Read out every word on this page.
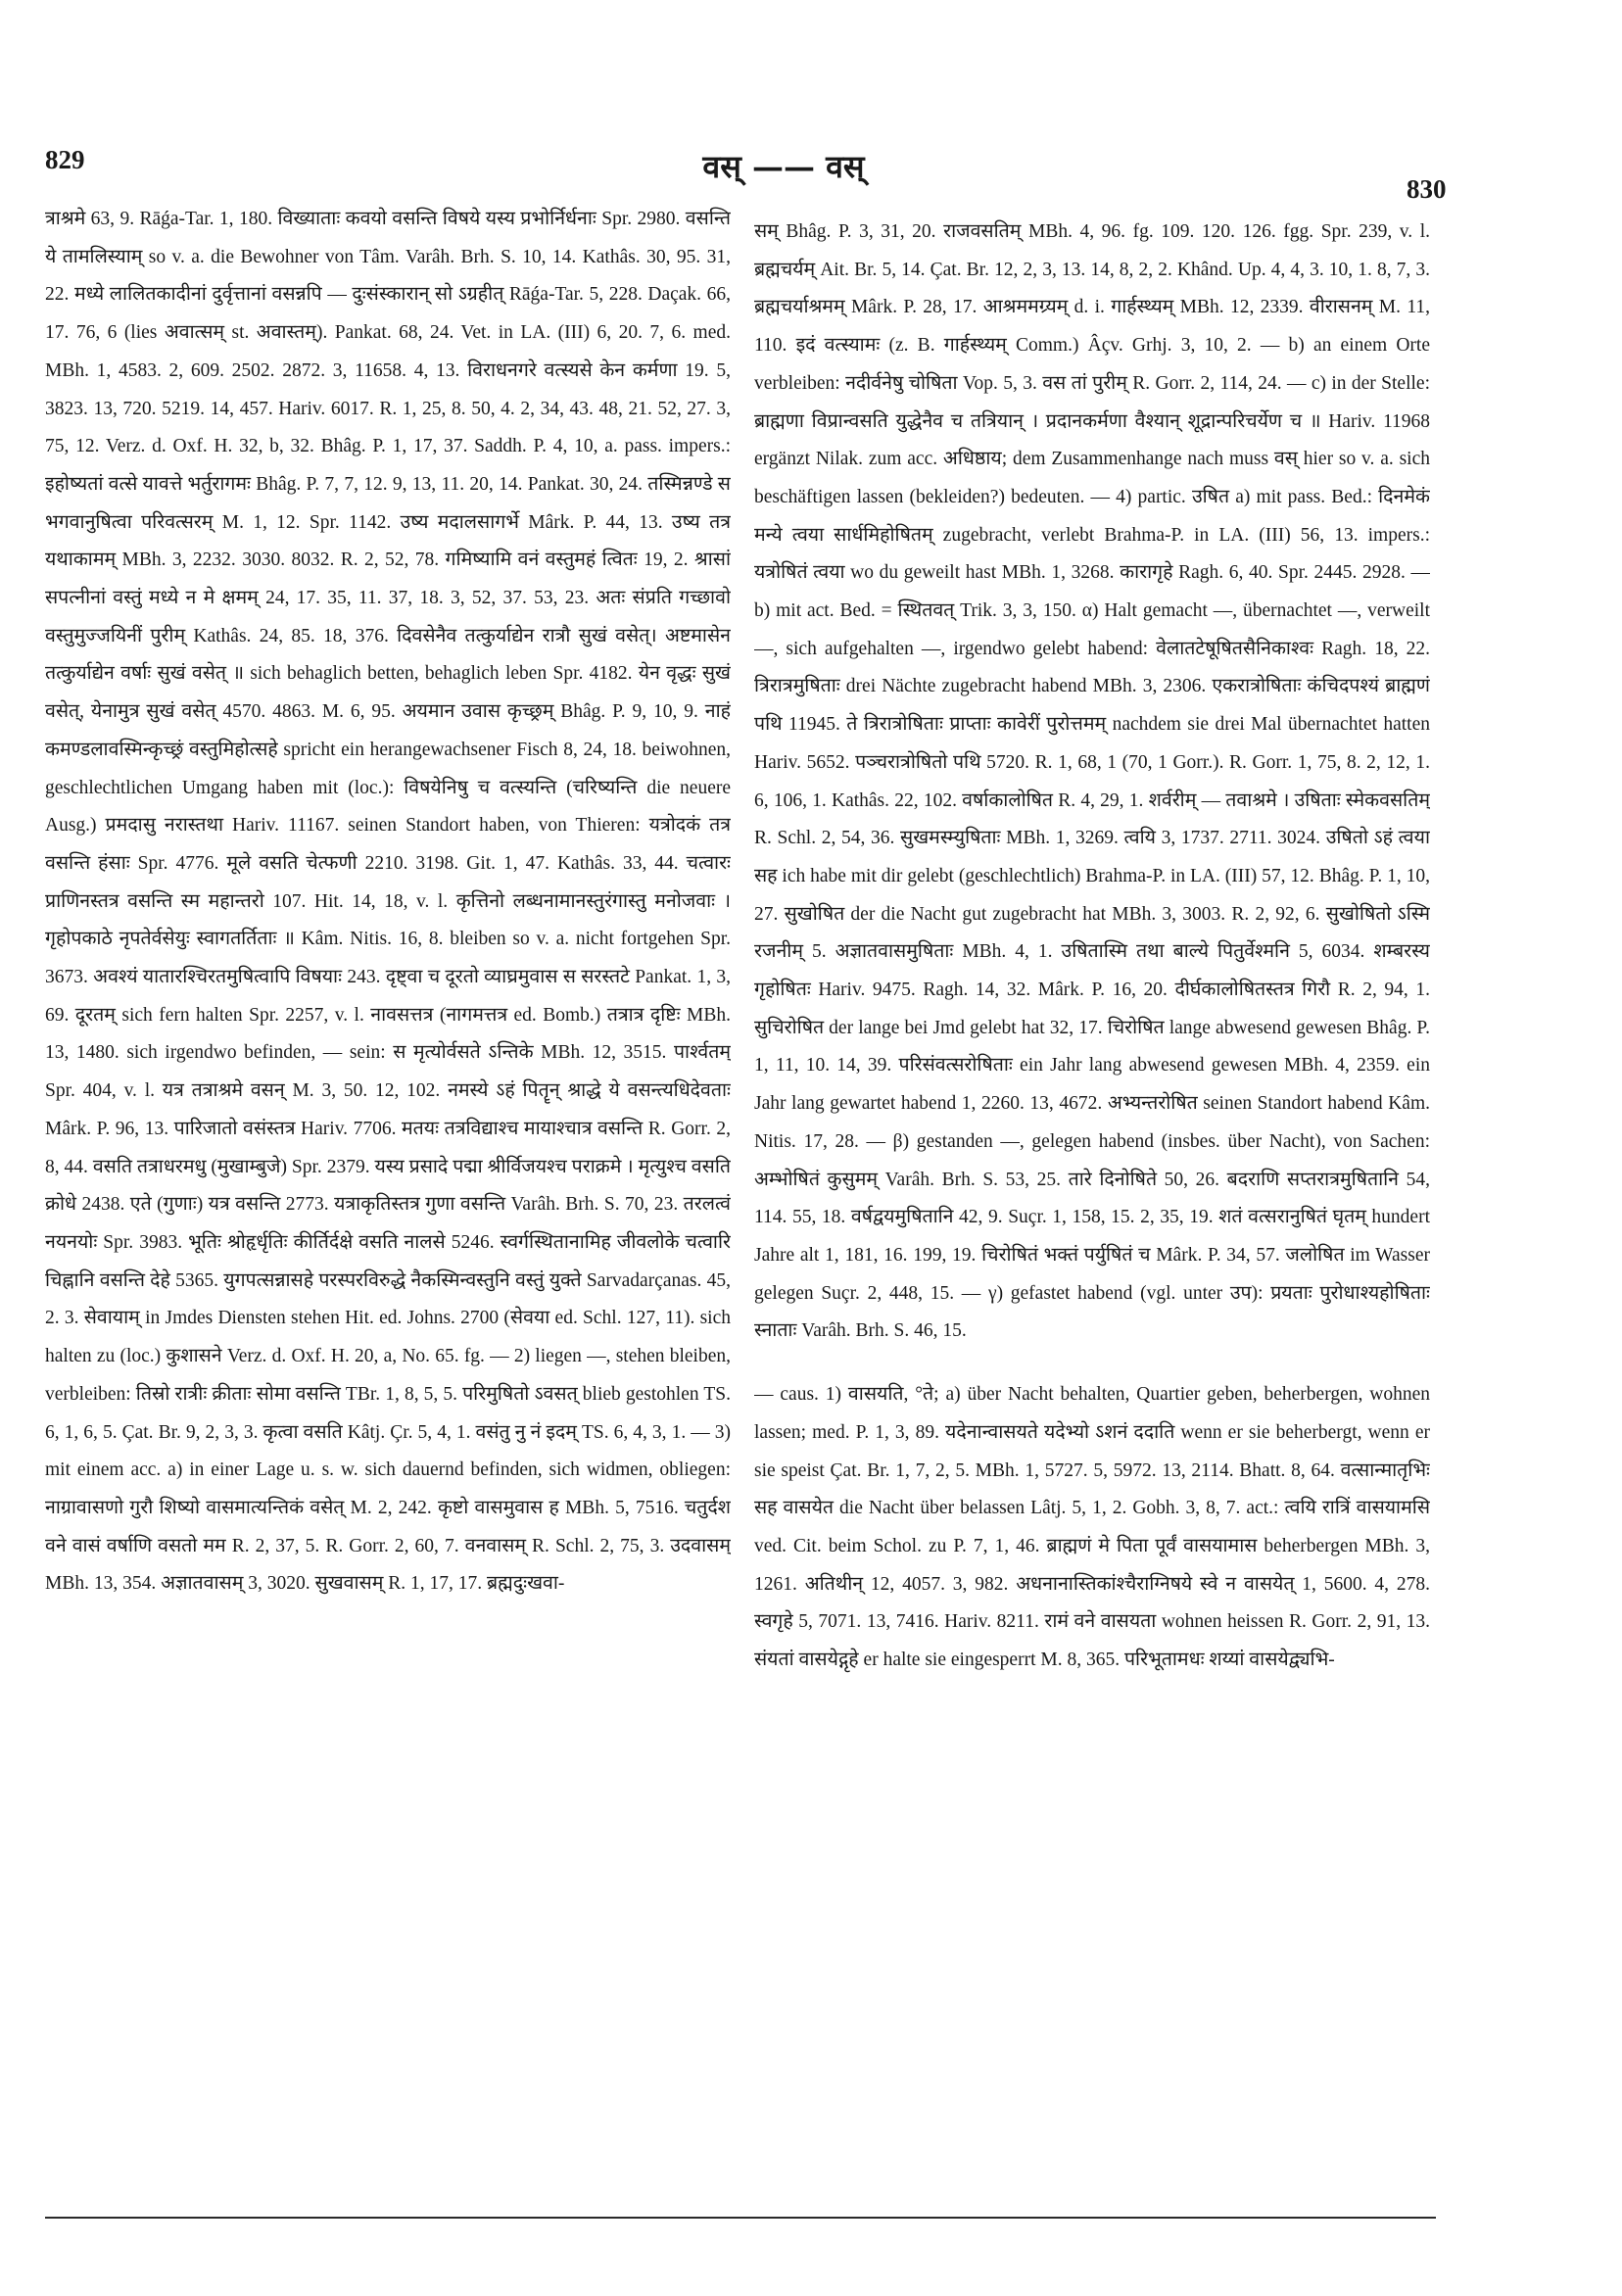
829	वस् —— वस्
830

त्राश्रमे 63, 9. Rāǵa-Tar. 1, 180. विख्याताः कवयो वसन्ति विषये यस्य प्रभोर्निर्धनाः Spr. 2980. वसन्ति ये तामलिस्याम् so v. a. die Bewohner von Tâm. Varâh. Brh. S. 10, 14. Kathâs. 30, 95. 31, 22. मध्ये लालितकादीनां दुर्वृत्तानां वसन्नपि — दुःसंस्कारान् सो ऽग्रहीत् Rāǵa-Tar. 5, 228. Daçak. 66, 17. 76, 6 (lies अवात्सम् st. अवास्तम्). Pankat. 68, 24. Vet. in LA. (III) 6, 20. 7, 6. med. MBh. 1, 4583. 2, 609. 2502. 2872. 3, 11658. 4, 13. विराधनगरे वत्स्यसे केन कर्मणा 19. 5, 3823. 13, 720. 5219. 14, 457. Hariv. 6017. R. 1, 25, 8. 50, 4. 2, 34, 43. 48, 21. 52, 27. 3, 75, 12. Verz. d. Oxf. H. 32, b, 32. Bhâg. P. 1, 17, 37. Saddh. P. 4, 10, a. pass. impers.: इहोष्यतां वत्से यावत्ते भर्तुरागमः Bhâg. P. 7, 7, 12. 9, 13, 11. 20, 14. Pankat. 30, 24. तस्मिन्नण्डे स भगवानुषित्वा परिवत्सरम् M. 1, 12. Spr. 1142. उष्य मदालसागर्भे Mârk. P. 44, 13. उष्य तत्र यथाकामम् MBh. 3, 2232. 3030. 8032. R. 2, 52, 78. गमिष्यामि वनं वस्तुमहं त्वितः 19, 2. श्रासां सपत्नीनां वस्तुं मध्ये न मे क्षमम् 24, 17. 35, 11. 37, 18. 3, 52, 37. 53, 23. अतः संप्रति गच्छावो वस्तुमुज्जयिनीं पुरीम् Kathâs. 24, 85. 18, 376. दिवसेनैव तत्कुर्याद्येन रात्रौ सुखं वसेत्। अष्टमासेन तत्कुर्याद्येन वर्षाः सुखं वसेत् ॥ sich behaglich betten, behaglich leben Spr. 4182. येन वृद्धः सुखं वसेत्, येनामुत्र सुखं वसेत् 4570. 4863. M. 6, 95. अयमान उवास कृच्छ्रम् Bhâg. P. 9, 10, 9. नाहं कमण्डलावस्मिन्कृच्छ्रं वस्तुमिहोत्सहे spricht ein herangewachsener Fisch 8, 24, 18. beiwohnen, geschlechtlichen Umgang haben mit (loc.): विषयेनिषु च वत्स्यन्ति (चरिष्यन्ति die neuere Ausg.) प्रमदासु नरास्तथा Hariv. 11167. seinen Standort haben, von Thieren: यत्रोदकं तत्र वसन्ति हंसाः Spr. 4776. मूले वसति चेत्फणी 2210. 3198. Git. 1, 47. Kathâs. 33, 44. चत्वारः प्राणिनस्तत्र वसन्ति स्म महान्तरो 107. Hit. 14, 18, v. l. कृत्तिनो लब्धनामानस्तुरंगास्तु मनोजवाः । गृहोपकाठे नृपतेर्वसेयुः स्वागतर्तिताः ॥ Kâm. Nitis. 16, 8. bleiben so v. a. nicht fortgehen Spr. 3673. अवश्यं यातारश्चिरतमुषित्वापि विषयाः 243. दृष्ट्वा च दूरतो व्याघ्रमुवास स सरस्तटे Pankat. 1, 3, 69. दूरतम् sich fern halten Spr. 2257, v. l. नावसत्तत्र (नागमत्तत्र ed. Bomb.) तत्रात्र दृष्टिः MBh. 13, 1480. sich irgendwo befinden, — sein: स मृत्योर्वसते ऽन्तिके MBh. 12, 3515. पार्श्वतम् Spr. 404, v. l. यत्र तत्राश्रमे वसन् M. 3, 50. 12, 102. नमस्ये ऽहं पितॄन् श्राद्धे ये वसन्त्यधिदेवताः Mârk. P. 96, 13. पारिजातो वसंस्तत्र Hariv. 7706. मतयः तत्रविद्याश्च मायाश्चात्र वसन्ति R. Gorr. 2, 8, 44. वसति तत्राधरमधु (मुखाम्बुजे) Spr. 2379. यस्य प्रसादे पद्मा श्रीर्विजयश्च पराक्रमे । मृत्युश्च वसति क्रोधे 2438. एते (गुणाः) यत्र वसन्ति 2773. यत्राकृतिस्तत्र गुणा वसन्ति Varâh. Brh. S. 70, 23. तरलत्वं नयनयोः Spr. 3983. भूतिः श्रोहृर्धृतिः कीर्तिर्दक्षे वसति नालसे 5246. स्वर्गस्थितानामिह जीवलोके चत्वारि चिह्नानि वसन्ति देहे 5365. युगपत्सन्नासहे परस्परविरुद्धे नैकस्मिन्वस्तुनि वस्तुं युक्ते Sarvadarçanas. 45, 2. 3. सेवायाम् in Jmdes Diensten stehen Hit. ed. Johns. 2700 (सेवया ed. Schl. 127, 11). sich halten zu (loc.) कुशासने Verz. d. Oxf. H. 20, a, No. 65. fg. — 2) liegen —, stehen bleiben, verbleiben: तिस्रो रात्रीः क्रीताः सोमा वसन्ति TBr. 1, 8, 5, 5. परिमुषितो ऽवसत् blieb gestohlen TS. 6, 1, 6, 5. Çat. Br. 9, 2, 3, 3. कृत्वा वसति Kâtj. Çr. 5, 4, 1. वसंतु नु नं इदम् TS. 6, 4, 3, 1. — 3) mit einem acc. a) in einer Lage u. s. w. sich dauernd befinden, sich widmen, obliegen: नाग्रावासणो गुरौ शिष्यो वासमात्यन्तिकं वसेत् M. 2, 242. कृष्टो वासमुवास ह MBh. 5, 7516. चतुर्दश वने वासं वर्षाणि वसतो मम R. 2, 37, 5. R. Gorr. 2, 60, 7. वनवासम् R. Schl. 2, 75, 3. उदवासम् MBh. 13, 354. अज्ञातवासम् 3, 3020. सुखवासम् R. 1, 17, 17. ब्रह्मदुःखवा-

सम् Bhâg. P. 3, 31, 20. राजवसतिम् MBh. 4, 96. fg. 109. 120. 126. fgg. Spr. 239, v. l. ब्रह्मचर्यम् Ait. Br. 5, 14. Çat. Br. 12, 2, 3, 13. 14, 8, 2, 2. Khând. Up. 4, 4, 3. 10, 1. 8, 7, 3. ब्रह्मचर्याश्रमम् Mârk. P. 28, 17. आश्रममग्र्यम् d. i. गार्हस्थ्यम् MBh. 12, 2339. वीरासनम् M. 11, 110. इदं वत्स्यामः (z. B. गार्हस्थ्यम् Comm.) Âçv. Grhj. 3, 10, 2. — b) an einem Orte verbleiben: नदीर्वनेषु चोषिता Vop. 5, 3. वस तां पुरीम् R. Gorr. 2, 114, 24. — c) in der Stelle: ब्राह्मणा विप्रान्वसति युद्धेनैव च तत्रियान् । प्रदानकर्मणा वैश्यान् शूद्रान्परिचर्येण च ॥ Hariv. 11968 ergänzt Nilak. zum acc. अधिष्ठाय; dem Zusammenhange nach muss वस् hier so v. a. sich beschäftigen lassen (bekleiden?) bedeuten. — 4) partic. उषित a) mit pass. Bed.: दिनमेकं मन्ये त्वया सार्धमिहोषितम् zugebracht, verlebt Brahma-P. in LA. (III) 56, 13. impers.: यत्रोषितं त्वया wo du geweilt hast MBh. 1, 3268. कारागृहे Ragh. 6, 40. Spr. 2445. 2928. — b) mit act. Bed. = स्थितवत् Trik. 3, 3, 150. α) Halt gemacht —, übernachtet —, verweilt —, sich aufgehalten —, irgendwo gelebt habend: वेलातटेषूषितसैनिकाश्वः Ragh. 18, 22. त्रिरात्रमुषिताः drei Nächte zugebracht habend MBh. 3, 2306. एकरात्रोषिताः कंचिदपश्यं ब्राह्मणं पथि 11945. ते त्रिरात्रोषिताः प्राप्ताः कावेरीं पुरोत्तमम् nachdem sie drei Mal übernachtet hatten Hariv. 5652. पञ्चरात्रोषितो पथि 5720. R. 1, 68, 1 (70, 1 Gorr.). R. Gorr. 1, 75, 8. 2, 12, 1. 6, 106, 1. Kathâs. 22, 102. वर्षाकालोषित R. 4, 29, 1. शर्वरीम् — तवाश्रमे । उषिताः स्मेकवसतिम् R. Schl. 2, 54, 36. सुखमस्म्युषिताः MBh. 1, 3269. त्वयि 3, 1737. 2711. 3024. उषितो ऽहं त्वया सह ich habe mit dir gelebt (geschlechtlich) Brahma-P. in LA. (III) 57, 12. Bhâg. P. 1, 10, 27. सुखोषित der die Nacht gut zugebracht hat MBh. 3, 3003. R. 2, 92, 6. सुखोषितो ऽस्मि रजनीम् 5. अज्ञातवासमुषिताः MBh. 4, 1. उषितास्मि तथा बाल्ये पितुर्वेश्मनि 5, 6034. शम्बरस्य गृहोषितः Hariv. 9475. Ragh. 14, 32. Mârk. P. 16, 20. दीर्घकालोषितस्तत्र गिरौ R. 2, 94, 1. सुचिरोषित der lange bei Jmd gelebt hat 32, 17. चिरोषित lange abwesend gewesen Bhâg. P. 1, 11, 10. 14, 39. परिसंवत्सरोषिताः ein Jahr lang abwesend gewesen MBh. 4, 2359. ein Jahr lang gewartet habend 1, 2260. 13, 4672. अभ्यन्तरोषित seinen Standort habend Kâm. Nitis. 17, 28. — β) gestanden —, gelegen habend (insbes. über Nacht), von Sachen: अम्भोषितं कुसुमम् Varâh. Brh. S. 53, 25. तारे दिनोषिते 50, 26. बदराणि सप्तरात्रमुषितानि 54, 114. 55, 18. वर्षद्वयमुषितानि 42, 9. Suçr. 1, 158, 15. 2, 35, 19. शतं वत्सरानुषितं घृतम् hundert Jahre alt 1, 181, 16. 199, 19. चिरोषितं भक्तं पर्युषितं च Mârk. P. 34, 57. जलोषित im Wasser gelegen Suçr. 2, 448, 15. — γ) gefastet habend (vgl. unter उप): प्रयताः पुरोधाश्यहोषिताः स्नाताः Varâh. Brh. S. 46, 15.

— caus. 1) वासयति, °ते; a) über Nacht behalten, Quartier geben, beherbergen, wohnen lassen; med. P. 1, 3, 89. यदेनान्वासयते यदेभ्यो ऽशनं ददाति wenn er sie beherbergt, wenn er sie speist Çat. Br. 1, 7, 2, 5. MBh. 1, 5727. 5, 5972. 13, 2114. Bhatt. 8, 64. वत्सान्मातृभिः सह वासयेत die Nacht über belassen Lâtj. 5, 1, 2. Gobh. 3, 8, 7. act.: त्वयि रात्रिं वासयामसि ved. Cit. beim Schol. zu P. 7, 1, 46. ब्राह्मणं मे पिता पूर्वं वासयामास beherbergen MBh. 3, 1261. अतिथीन् 12, 4057. 3, 982. अधनानास्तिकांश्चैराग्निषये स्वे न वासयेत् 1, 5600. 4, 278. स्वगृहे 5, 7071. 13, 7416. Hariv. 8211. रामं वने वासयता wohnen heissen R. Gorr. 2, 91, 13. संयतां वासयेद्गृहे er halte sie eingesperrt M. 8, 365. परिभूतामधः शय्यां वासयेद्व्यभि-
